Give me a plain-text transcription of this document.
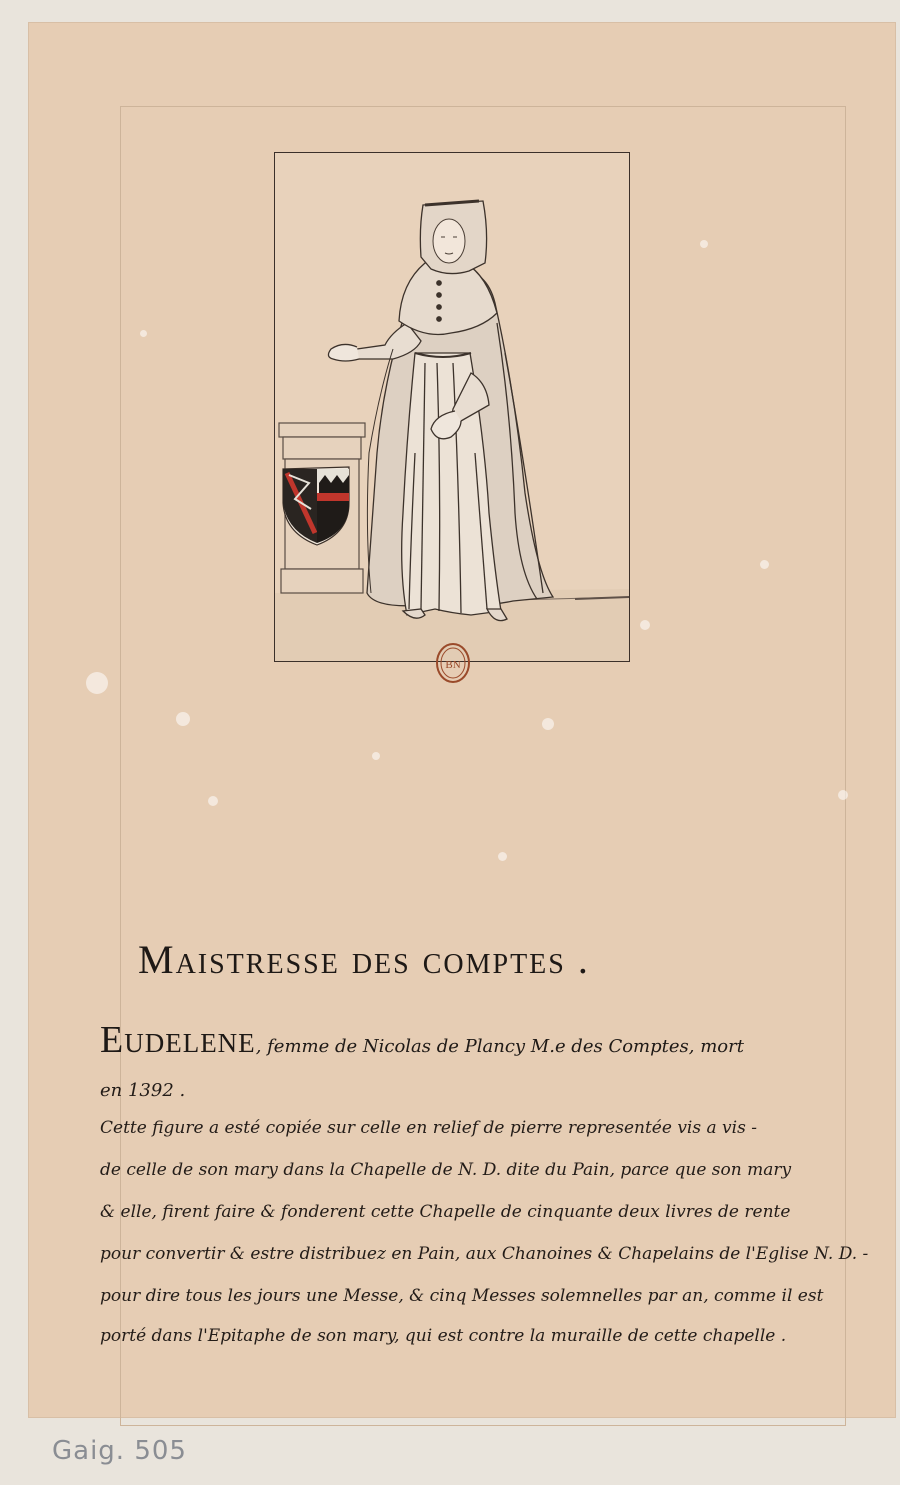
BN
Maistresse des comptes .
Eudelene, femme de Nicolas de Plancy M.e des Comptes, mort
en 1392 .
Cette figure a esté copiée sur celle en relief de pierre representée vis a vis -
de celle de son mary dans la Chapelle de N. D. dite du Pain, parce que son mary
& elle, firent faire & fonderent cette Chapelle de cinquante deux livres de rente
pour convertir & estre distribuez en Pain, aux Chanoines & Chapelains de l'Eglise N. D. -
pour dire tous les jours une Messe, & cinq Messes solemnelles par an, comme il est
porté dans l'Epitaphe de son mary, qui est contre la muraille de cette chapelle .
Gaig. 505
